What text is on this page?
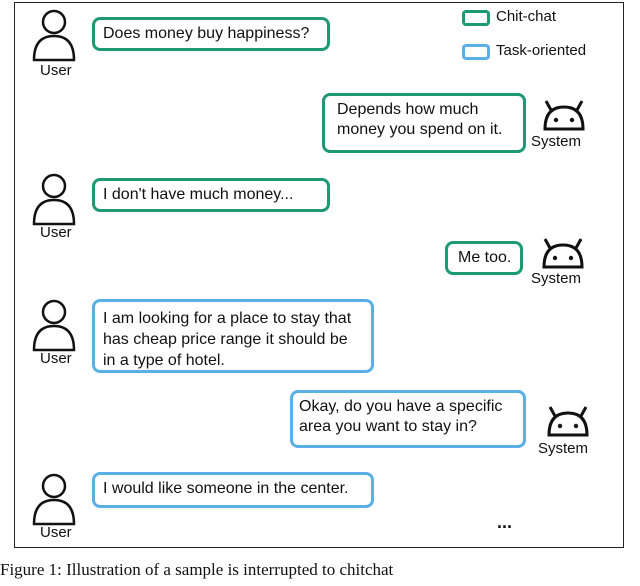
Chit-chat
Task-oriented
User
Does money buy happiness?
Depends how much
money you spend on it.
System
User
I don't have much money...
Me too.
System
User
I am looking for a place to stay that
has cheap price range it should be
in a type of hotel.
Okay, do you have a specific
area you want to stay in?
System
User
I would like someone in the center.
...
Figure 1: Illustration of a sample is interrupted to chitchat
